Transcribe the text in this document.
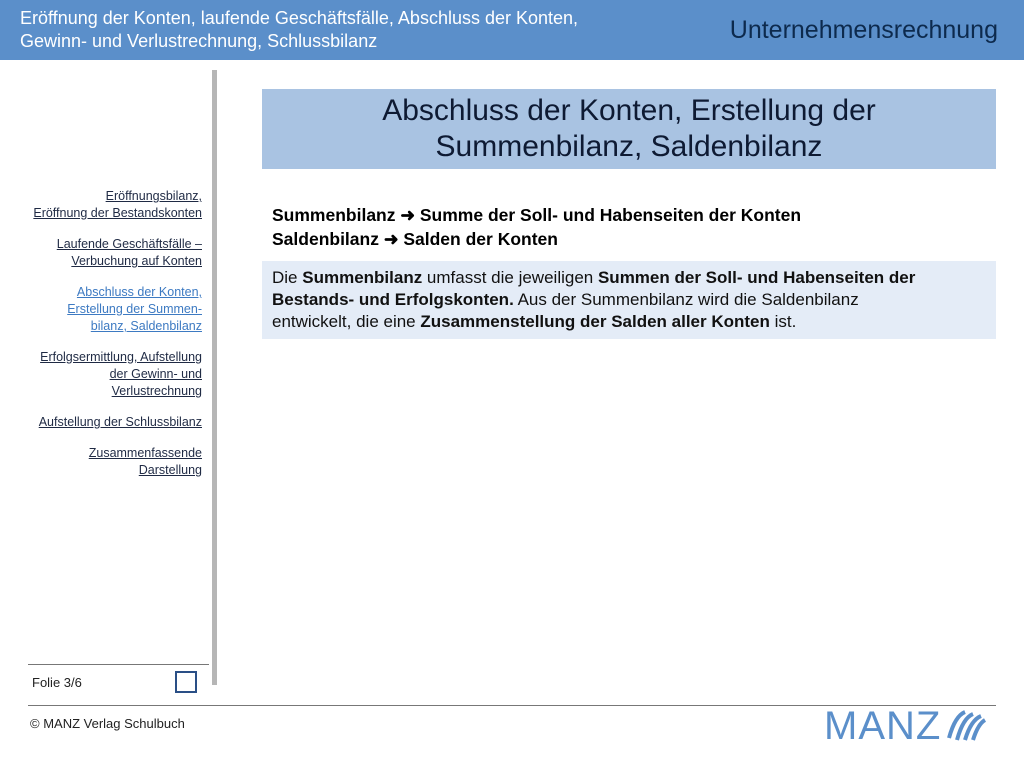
Eröffnung der Konten, laufende Geschäftsfälle, Abschluss der Konten,
Gewinn- und Verlustrechnung, Schlussbilanz	Unternehmensrechnung
Eröffnungsbilanz,
Eröffnung der Bestandskonten
Laufende Geschäftsfälle –
Verbuchung auf Konten
Abschluss der Konten,
Erstellung der Summen-
bilanz, Saldenbilanz
Erfolgsermittlung, Aufstellung
der Gewinn- und
Verlustrechnung
Aufstellung der Schlussbilanz
Zusammenfassende
Darstellung
Folie 3/6
© MANZ Verlag Schulbuch	MANZ
Abschluss der Konten, Erstellung der
Summenbilanz, Saldenbilanz
Summenbilanz ➜ Summe der Soll- und Habenseiten der Konten
Saldenbilanz ➜ Salden der Konten
Die Summenbilanz umfasst die jeweiligen Summen der Soll- und Habenseiten der
Bestands- und Erfolgskonten. Aus der Summenbilanz wird die Saldenbilanz
entwickelt, die eine Zusammenstellung der Salden aller Konten ist.
